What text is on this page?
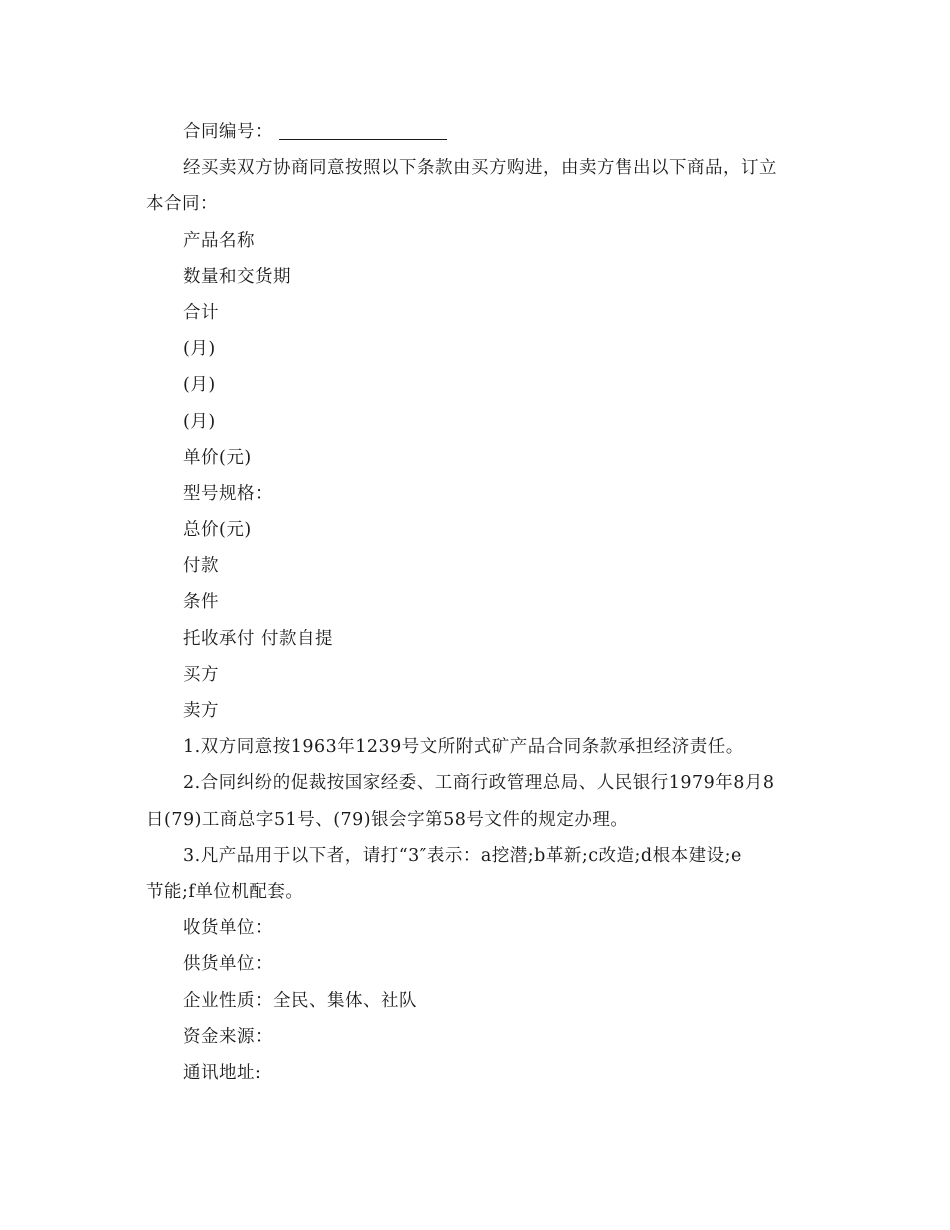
合同编号：
经买卖双方协商同意按照以下条款由买方购进，由卖方售出以下商品，订立
本合同：
产品名称
数量和交货期
合计
(月)
(月)
(月)
单价(元)
型号规格：
总价(元)
付款
条件
托收承付 付款自提
买方
卖方
1.双方同意按1963年1239号文所附式矿产品合同条款承担经济责任。
2.合同纠纷的促裁按国家经委、工商行政管理总局、人民银行1979年8月8
日(79)工商总字51号、(79)银会字第58号文件的规定办理。
3.凡产品用于以下者，请打“3″表示：a挖潜;b革新;c改造;d根本建设;e
节能;f单位机配套。
收货单位：
供货单位：
企业性质：全民、集体、社队
资金来源：
通讯地址:
